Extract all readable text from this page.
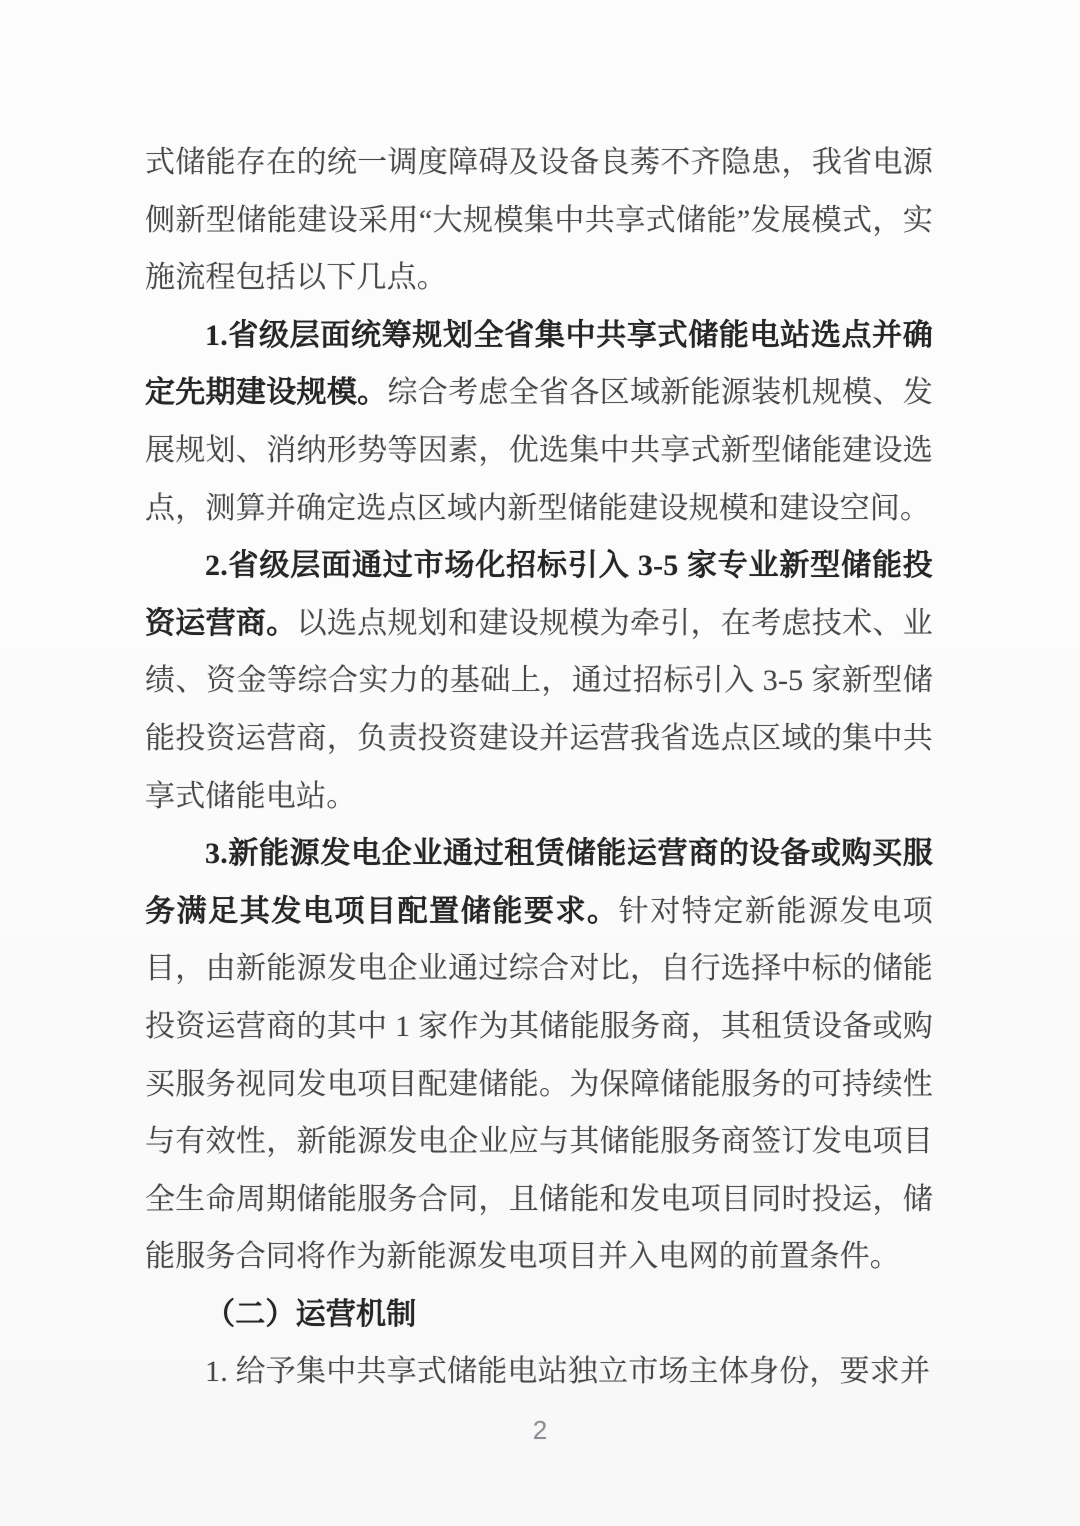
式储能存在的统一调度障碍及设备良莠不齐隐患，我省电源侧新型储能建设采用“大规模集中共享式储能”发展模式，实施流程包括以下几点。

1.省级层面统筹规划全省集中共享式储能电站选点并确定先期建设规模。综合考虑全省各区域新能源装机规模、发展规划、消纳形势等因素，优选集中共享式新型储能建设选点，测算并确定选点区域内新型储能建设规模和建设空间。

2.省级层面通过市场化招标引入 3-5 家专业新型储能投资运营商。以选点规划和建设规模为牵引，在考虑技术、业绩、资金等综合实力的基础上，通过招标引入 3-5 家新型储能投资运营商，负责投资建设并运营我省选点区域的集中共享式储能电站。

3.新能源发电企业通过租赁储能运营商的设备或购买服务满足其发电项目配置储能要求。针对特定新能源发电项目，由新能源发电企业通过综合对比，自行选择中标的储能投资运营商的其中 1 家作为其储能服务商，其租赁设备或购买服务视同发电项目配建储能。为保障储能服务的可持续性与有效性，新能源发电企业应与其储能服务商签订发电项目全生命周期储能服务合同，且储能和发电项目同时投运，储能服务合同将作为新能源发电项目并入电网的前置条件。

（二）运营机制

1. 给予集中共享式储能电站独立市场主体身份，要求并

2
